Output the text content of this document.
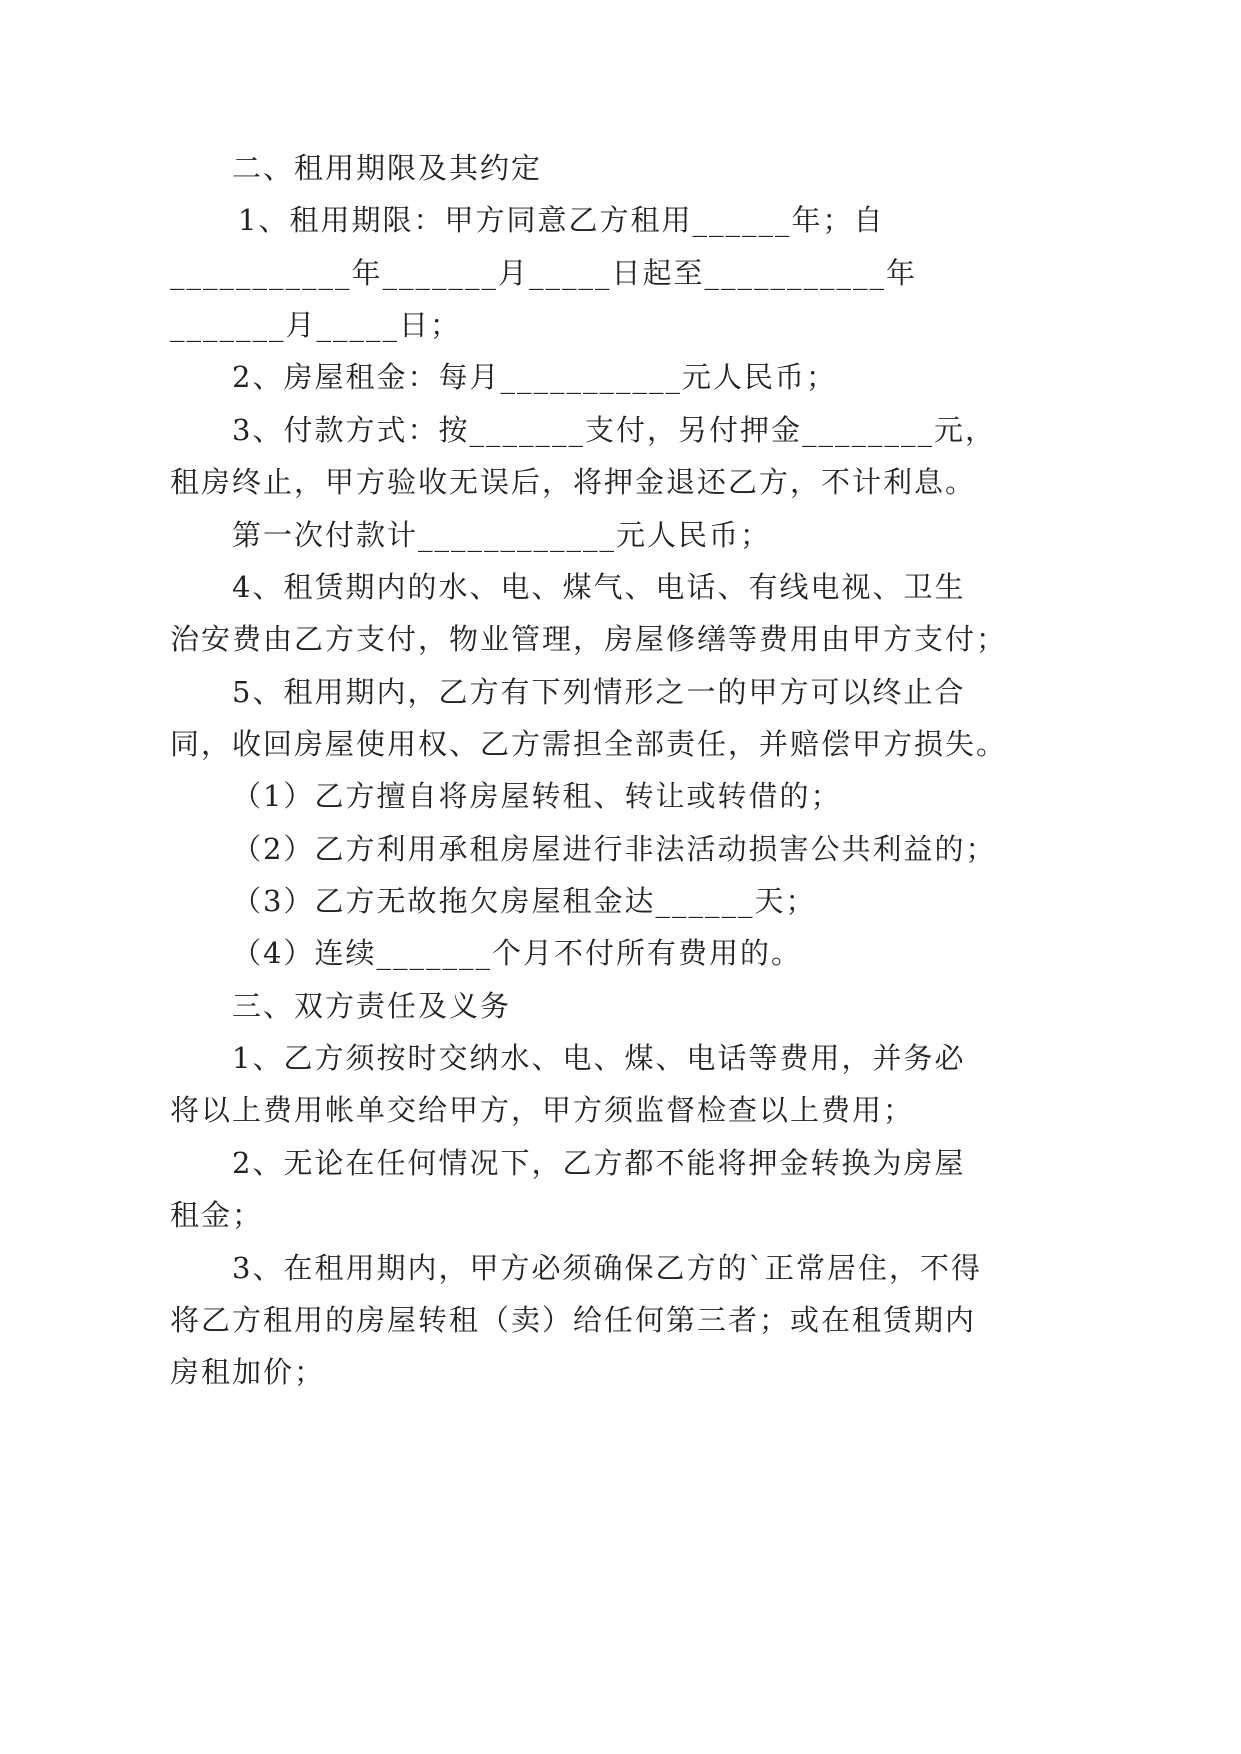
二、租用期限及其约定
1、租用期限：甲方同意乙方租用______年；自
___________年_______月_____日起至___________年
_______月_____日；
2、房屋租金：每月___________元人民币；
3、付款方式：按_______支付，另付押金________元，
租房终止，甲方验收无误后，将押金退还乙方，不计利息。
第一次付款计____________元人民币；
4、租赁期内的水、电、煤气、电话、有线电视、卫生
治安费由乙方支付，物业管理，房屋修缮等费用由甲方支付；
5、租用期内，乙方有下列情形之一的甲方可以终止合
同，收回房屋使用权、乙方需担全部责任，并赔偿甲方损失。
（1）乙方擅自将房屋转租、转让或转借的；
（2）乙方利用承租房屋进行非法活动损害公共利益的；
（3）乙方无故拖欠房屋租金达______天；
（4）连续_______个月不付所有费用的。
三、双方责任及义务
1、乙方须按时交纳水、电、煤、电话等费用，并务必
将以上费用帐单交给甲方，甲方须监督检查以上费用；
2、无论在任何情况下，乙方都不能将押金转换为房屋
租金；
3、在租用期内，甲方必须确保乙方的`正常居住，不得
将乙方租用的房屋转租（卖）给任何第三者；或在租赁期内
房租加价；
